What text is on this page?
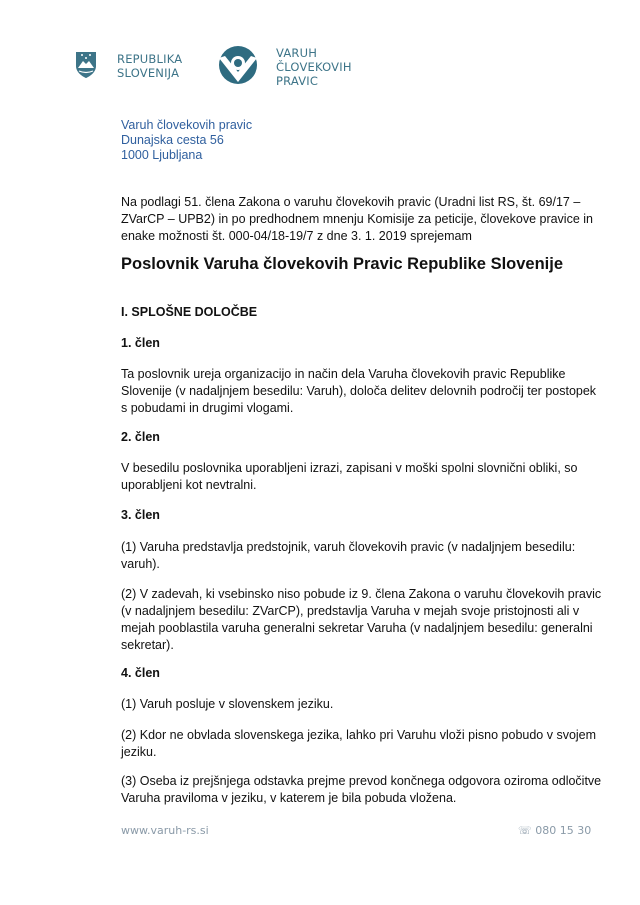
REPUBLIKA
SLOVENIJA
VARUH
ČLOVEKOVIH
PRAVIC
Varuh človekovih pravic
Dunajska cesta 56
1000 Ljubljana
Na podlagi 51. člena Zakona o varuhu človekovih pravic (Uradni list RS, št. 69/17 –
ZVarCP – UPB2) in po predhodnem mnenju Komisije za peticije, človekove pravice in
enake možnosti št. 000-04/18-19/7 z dne 3. 1. 2019 sprejemam
Poslovnik Varuha človekovih Pravic Republike Slovenije
I. SPLOŠNE DOLOČBE
1. člen
Ta poslovnik ureja organizacijo in način dela Varuha človekovih pravic Republike
Slovenije (v nadaljnjem besedilu: Varuh), določa delitev delovnih področij ter postopek
s pobudami in drugimi vlogami.
2. člen
V besedilu poslovnika uporabljeni izrazi, zapisani v moški spolni slovnični obliki, so
uporabljeni kot nevtralni.
3. člen
(1) Varuha predstavlja predstojnik, varuh človekovih pravic (v nadaljnjem besedilu:
varuh).
(2) V zadevah, ki vsebinsko niso pobude iz 9. člena Zakona o varuhu človekovih pravic
(v nadaljnjem besedilu: ZVarCP), predstavlja Varuha v mejah svoje pristojnosti ali v
mejah pooblastila varuha generalni sekretar Varuha (v nadaljnjem besedilu: generalni
sekretar).
4. člen
(1) Varuh posluje v slovenskem jeziku.
(2) Kdor ne obvlada slovenskega jezika, lahko pri Varuhu vloži pisno pobudo v svojem
jeziku.
(3) Oseba iz prejšnjega odstavka prejme prevod končnega odgovora oziroma odločitve
Varuha praviloma v jeziku, v katerem je bila pobuda vložena.
www.varuh-rs.si	☏ 080 15 30
